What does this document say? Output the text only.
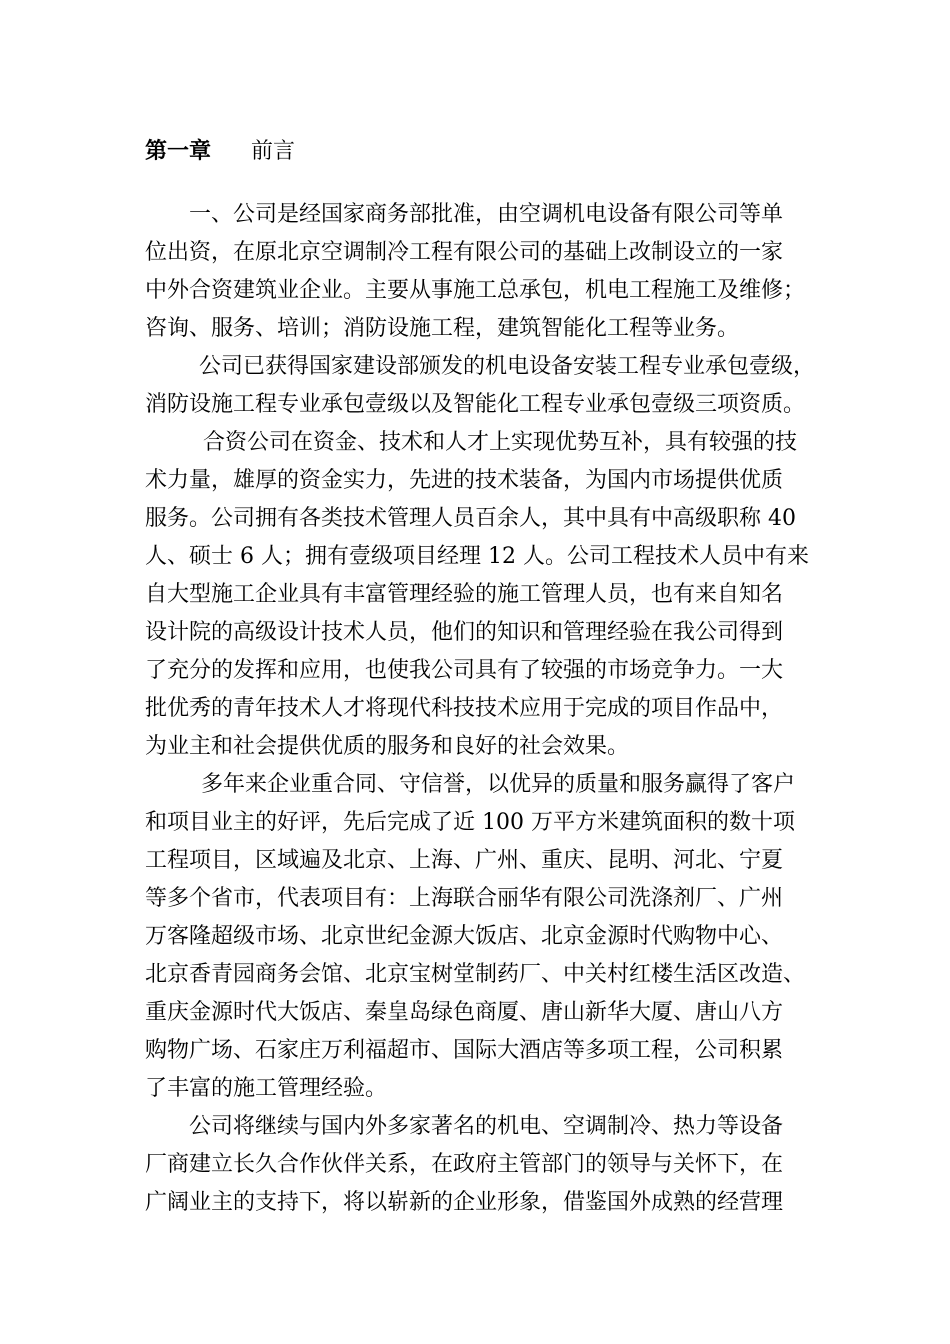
第一章 前言
一、公司是经国家商务部批准，由空调机电设备有限公司等单
位出资，在原北京空调制冷工程有限公司的基础上改制设立的一家
中外合资建筑业企业。主要从事施工总承包，机电工程施工及维修；
咨询、服务、培训；消防设施工程，建筑智能化工程等业务。
公司已获得国家建设部颁发的机电设备安装工程专业承包壹级，
消防设施工程专业承包壹级以及智能化工程专业承包壹级三项资质。
合资公司在资金、技术和人才上实现优势互补，具有较强的技
术力量，雄厚的资金实力，先进的技术装备，为国内市场提供优质
服务。公司拥有各类技术管理人员百余人，其中具有中高级职称 40
人、硕士 6 人；拥有壹级项目经理 12 人。公司工程技术人员中有来
自大型施工企业具有丰富管理经验的施工管理人员，也有来自知名
设计院的高级设计技术人员，他们的知识和管理经验在我公司得到
了充分的发挥和应用，也使我公司具有了较强的市场竞争力。一大
批优秀的青年技术人才将现代科技技术应用于完成的项目作品中，
为业主和社会提供优质的服务和良好的社会效果。
多年来企业重合同、守信誉，以优异的质量和服务赢得了客户
和项目业主的好评，先后完成了近 100 万平方米建筑面积的数十项
工程项目，区域遍及北京、上海、广州、重庆、昆明、河北、宁夏
等多个省市，代表项目有：上海联合丽华有限公司洗涤剂厂、广州
万客隆超级市场、北京世纪金源大饭店、北京金源时代购物中心、
北京香青园商务会馆、北京宝树堂制药厂、中关村红楼生活区改造、
重庆金源时代大饭店、秦皇岛绿色商厦、唐山新华大厦、唐山八方
购物广场、石家庄万利福超市、国际大酒店等多项工程，公司积累
了丰富的施工管理经验。
公司将继续与国内外多家著名的机电、空调制冷、热力等设备
厂商建立长久合作伙伴关系，在政府主管部门的领导与关怀下，在
广阔业主的支持下，将以崭新的企业形象，借鉴国外成熟的经营理
